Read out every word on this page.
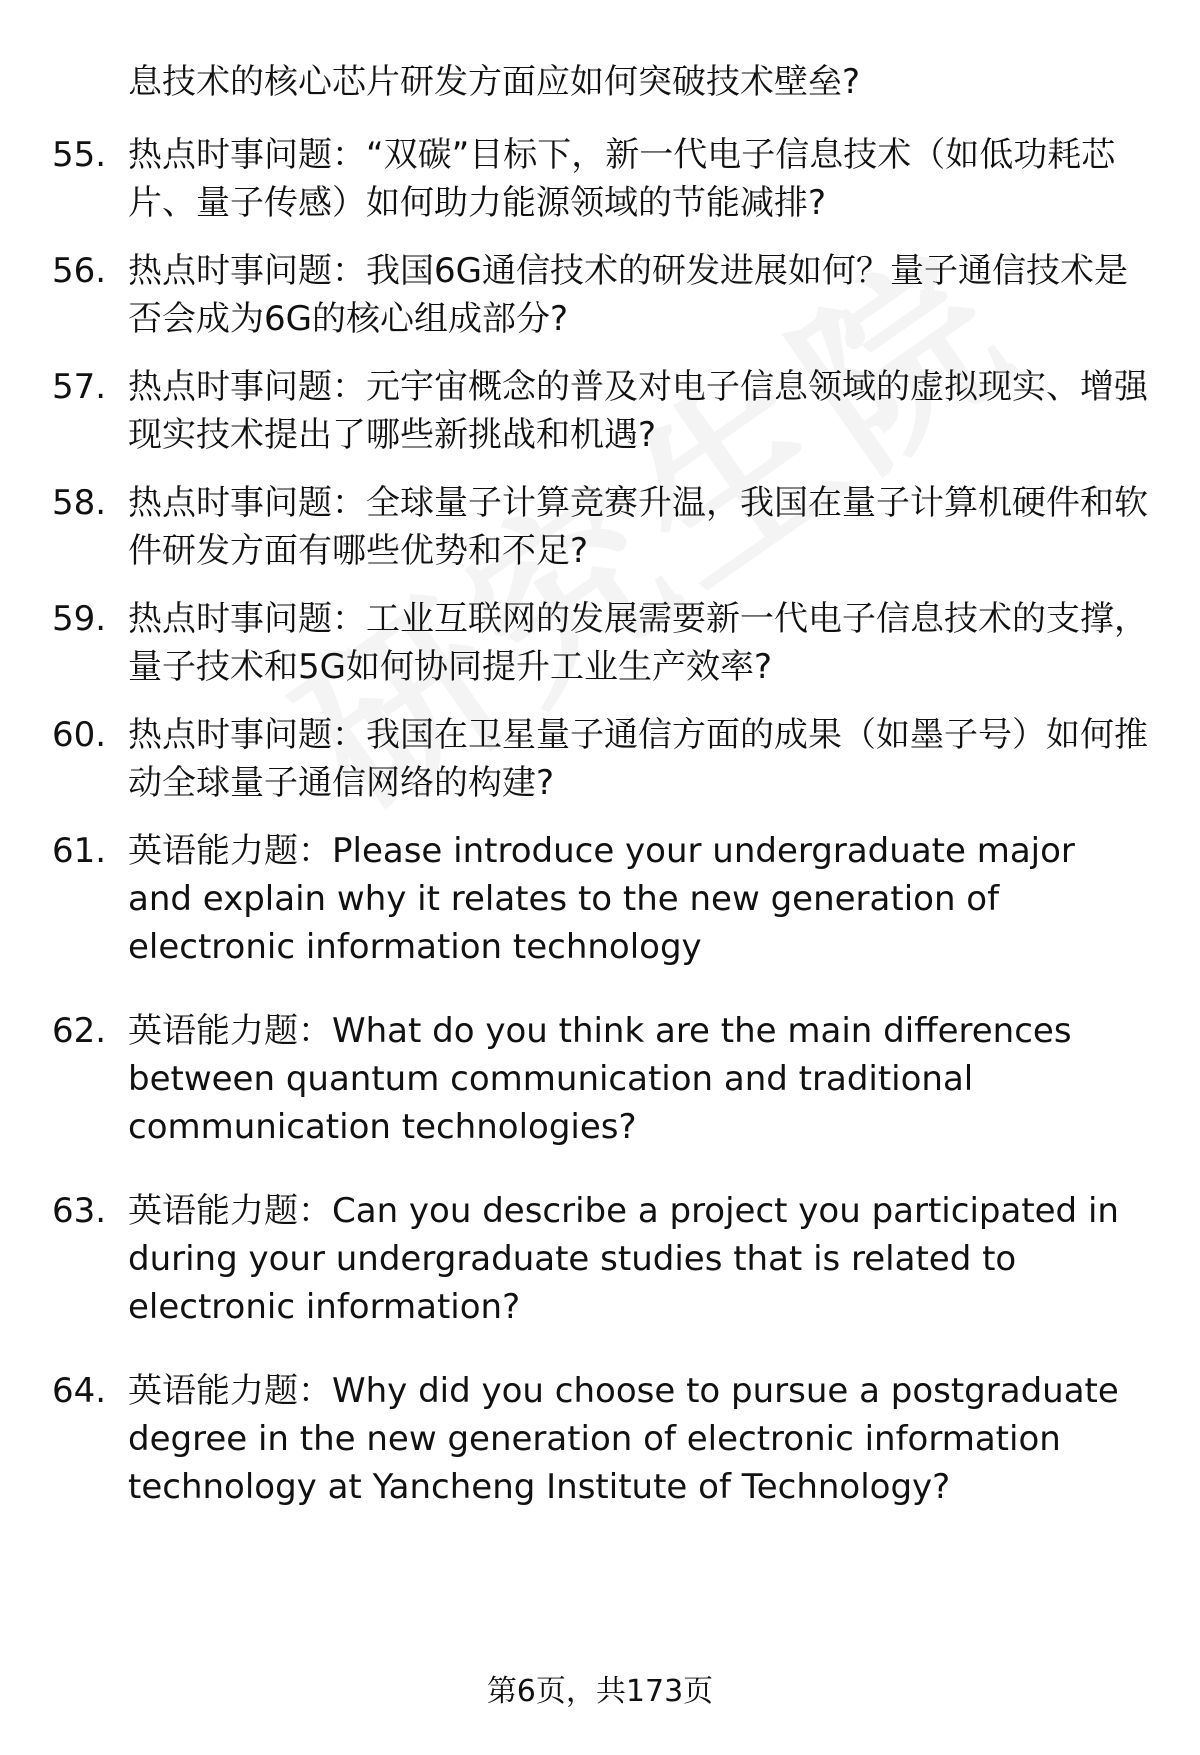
息技术的核心芯片研发方面应如何突破技术壁垒?
55. 热点时事问题：“双碳”目标下，新一代电子信息技术（如低功耗芯片、量子传感）如何助力能源领域的节能减排?
56. 热点时事问题：我国6G通信技术的研发进展如何？量子通信技术是否会成为6G的核心组成部分?
57. 热点时事问题：元宇宙概念的普及对电子信息领域的虚拟现实、增强现实技术提出了哪些新挑战和机遇?
58. 热点时事问题：全球量子计算竞赛升温，我国在量子计算机硬件和软件研发方面有哪些优势和不足?
59. 热点时事问题：工业互联网的发展需要新一代电子信息技术的支撑，量子技术和5G如何协同提升工业生产效率?
60. 热点时事问题：我国在卫星量子通信方面的成果（如墨子号）如何推动全球量子通信网络的构建?
61. 英语能力题：Please introduce your undergraduate major and explain why it relates to the new generation of electronic information technology
62. 英语能力题：What do you think are the main differences between quantum communication and traditional communication technologies?
63. 英语能力题：Can you describe a project you participated in during your undergraduate studies that is related to electronic information?
64. 英语能力题：Why did you choose to pursue a postgraduate degree in the new generation of electronic information technology at Yancheng Institute of Technology?
第6页，共173页
